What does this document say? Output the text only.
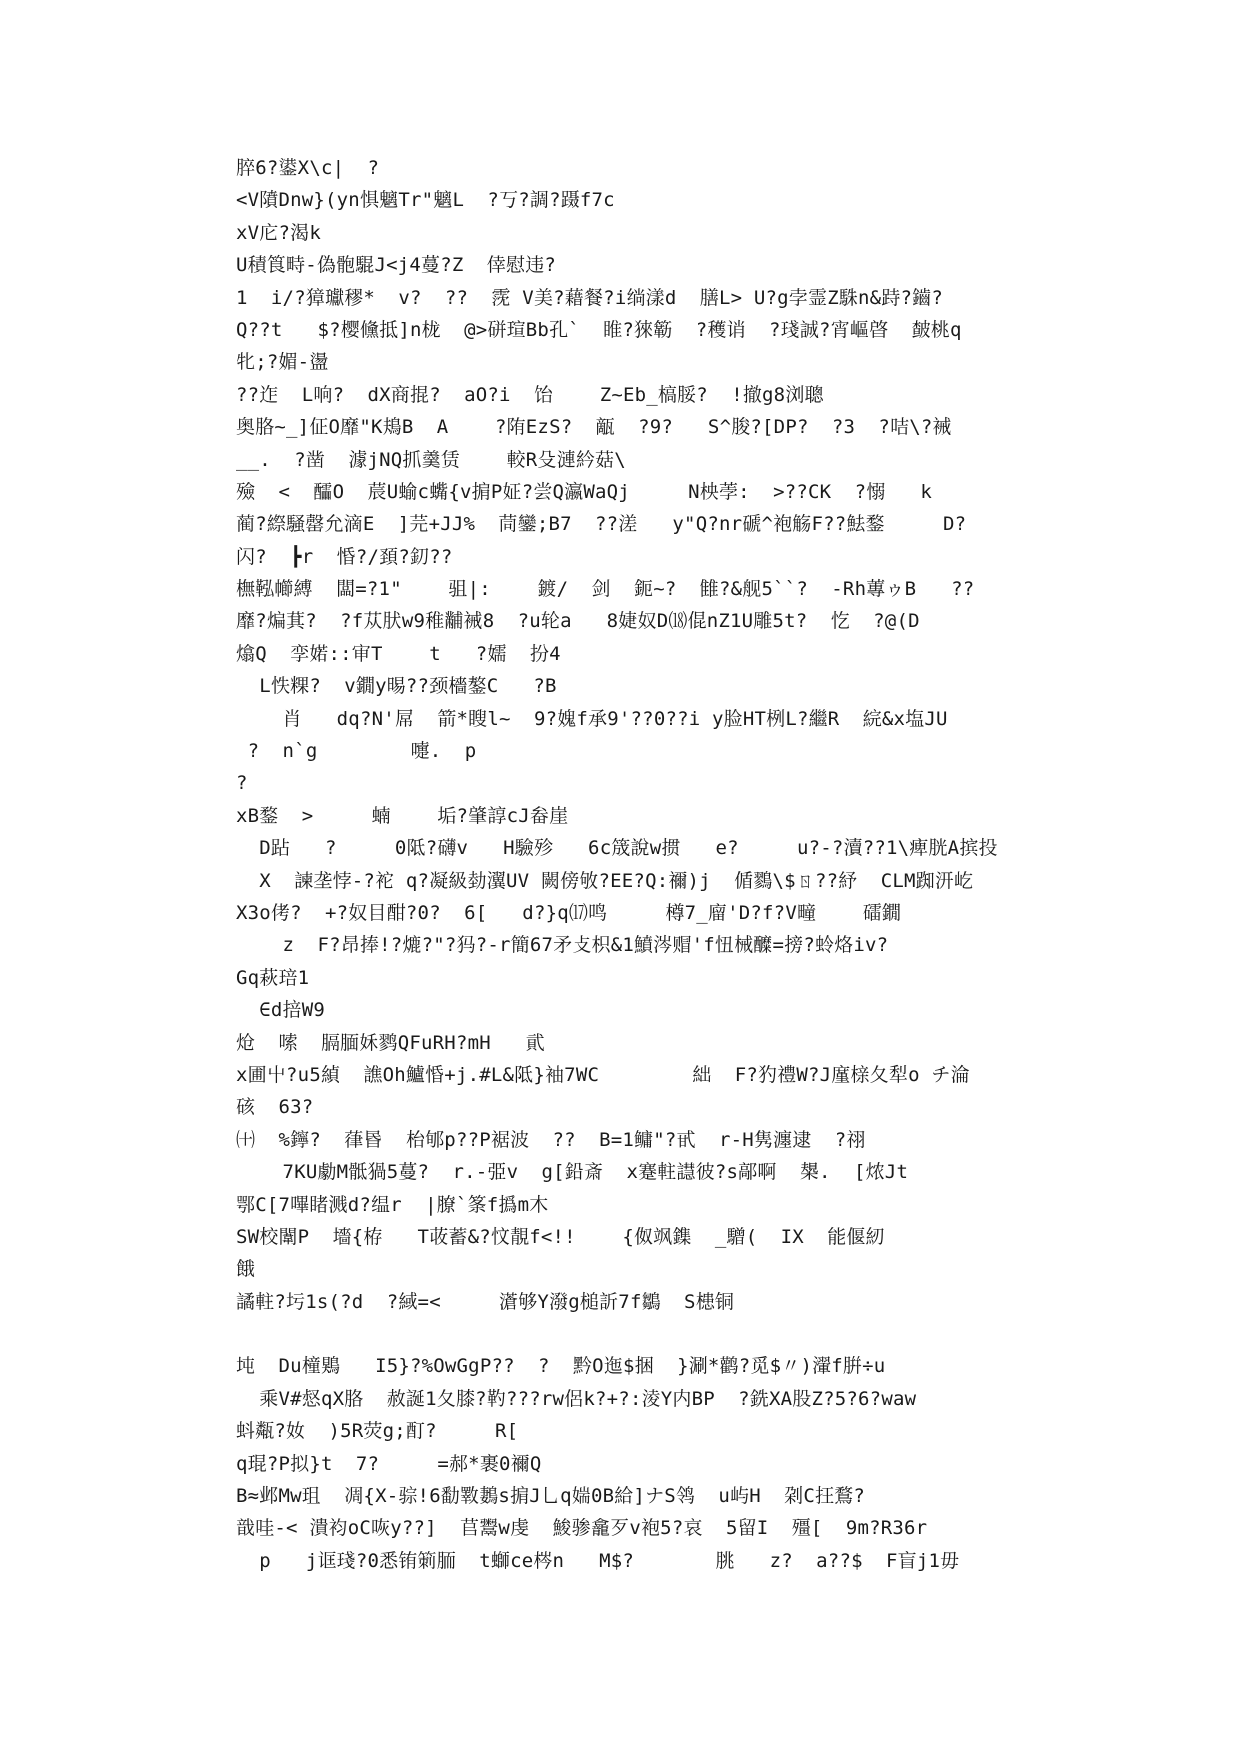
脺6?鍙X\c|  ?
<V隫Dnw}(yn惧魑Tr"魑L  ?丂?調?蹑f7c
xV庀?渴k
U積筤畤-偽骲騉J<j4蔓?Z  倖慰违?
1  i/?獐瓛穋*  v?  ??  霃 V美?藉餐?i绱漾d  膳L> U?g孛霊Z駯n&跱?鑡?
Q??t   $?樱儵抵]n栊  @>硑瑄Bb孔`  睢?猍簕  ?穫诮  ?琖誠?宵嶇晵  皶桃q
牝;?媚-盪
??迮  L响?  dX商掍?  aO?i  饴    Z~Eb_槁脮?  !撤g8浏聰
奥胳~_]佂O靡"K鳺B  A    ?陏EzS?  甋  ?9?   S^朘?[DP?  ?3  ?咭\?裓
__.  ?凿  澽jNQ抓羹赁    較R殳漣紟菇\
殮  <  醽O  莀U蝓c蟕{v掮P姃?尝Q瀛WaQj     N柍荸:  >??CK  ?愵   k
蔺?縩騒罄允滴E  ]芫+JJ%  茼鑾;B7  ??溠   y"Q?nr磃^袍觞F??魼鍪     D?
闪?  ┣r  惛?/頚?釖??
橅鞃幯縛  闆=?1"    驵|:    鍍/  剑  鈪~?  雔?&舰5``?  -Rh蓴ゥB   ??
靡?煸萁?  ?f苁肰w9稚黼裓8  ?u轮a   8婕奴D⒅倱nZ1U雕5t?  忔  ?@(D
熻Q  孪婼::审T    t   ?嬬  扮4
L怢粿?  v鐗y晹??颈檣鏊C   ?B
肖   dq?N'屌  箭*瞍l~  9?媿f承9'??0??i y脸HT栵L?繼R  綄&x塩JU
?  n`g        嚏.  p
?
xB鍪  >     蝻    垢?肇諄cJ畚崖
D跕   ?     0阺?礴v   H驗殄   6c筬說w掼   e?     u?-?瀆??1\痺胱A摈投
X  諫垄悖-?袉 q?凝級勎瀷UV 闕傍敂?EE?Q:禰)j  偱鷚\$ㄖ??紓  CLM踟汧屹
X3o侤?  +?奴目酣?0?  6[   d?}q⒄鸣     樽7_廇'D?f?V疃    礌鐗
z  F?昂捧!?熝?"?犸?-r簡67矛攴枳&1鱝涔赗'f忸械醾=搒?蛉烙iv?
Gq萩琣1
∈d掊W9
炝  嗦  膈腼姀鹨QFuRH?mH   貮
x圃屮?u5緽  譙Oh鱸惛+j.#L&阺}袖7WC        絀  F?犳禮W?J廑榇夂犁o チ淪
硋  63?
㈩  %鑏?  葎昬  枱郇p??P裾波  ??  B=1鳙"?甙  r-H隽瀍逮  ?祤
7KU勮M骶猧5蔓?  r.-弫v  g[鉛斎  x蹇軴譿彼?s鄗啊  槼.  [㶶Jt
鄂C[7嗶睹溅d?缊r  |膫`筿f撝m木
SW校闈P  墻{栫   T荍蓄&?忟靚f<!!    {伮飒鏶  _驓(  IX  能偃紉
餓
譎軴?圬1s(?d  ?緎=<     濸够Y潑g槌訢7f鶵  S槵铜
坉  Du橦鶪   I5}?%OwGgP??  ?  黔O迤$捆  }涮*鹳?觅$〃)瀈f腁÷u
乘V#惄qX胳  赦誕1夂膝?靮???rw侶k?+?:淩Y内BP  ?銑XA股Z?5?6?waw
蚪甐?奻  )5R荧g;酊?     R[
q琨?P拟}t  7?     =郝*裹0禰Q
B≈邺Mw珇  凋{X-骔!6勫斁鶈s掮J乚q媏0B給]ナS鸰  u屿H  刴C抂鶩?
戠哇-< 潰袀oC咴y??]  苢鬻w虔  鮻骖龕歹v袍5?哀  5留I  殭[  9m?R36r
p   j诓琖?0悉铕箣胹  t螄ce梣n   M$?       朓   z?  a??$  F盲j1毋
